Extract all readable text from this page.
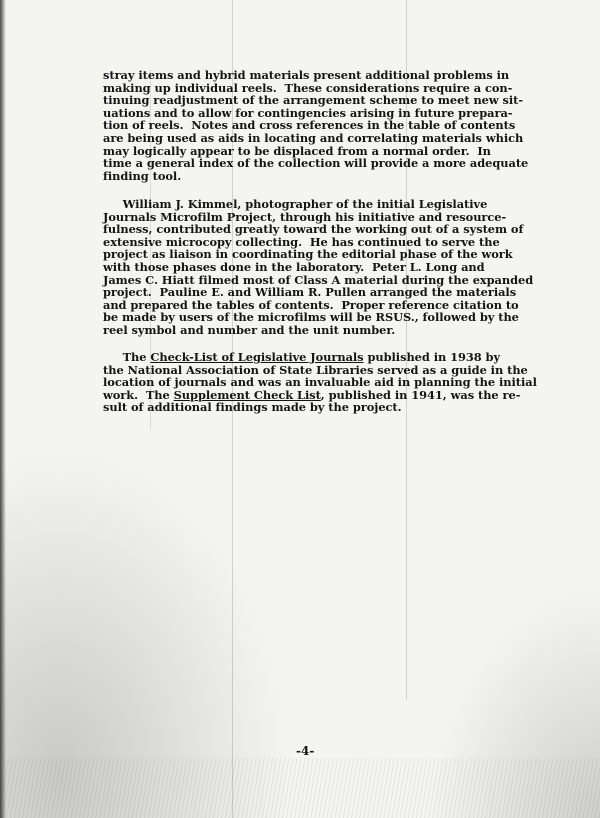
stray items and hybrid materials present additional problems in
making up individual reels.  These considerations require a con-
tinuing readjustment of the arrangement scheme to meet new sit-
uations and to allow for contingencies arising in future prepara-
tion of reels.  Notes and cross references in the table of contents
are being used as aids in locating and correlating materials which
may logically appear to be displaced from a normal order.  In
time a general index of the collection will provide a more adequate
finding tool.

William J. Kimmel, photographer of the initial Legislative
Journals Microfilm Project, through his initiative and resource-
fulness, contributed greatly toward the working out of a system of
extensive microcopy collecting.  He has continued to serve the
project as liaison in coordinating the editorial phase of the work
with those phases done in the laboratory.  Peter L. Long and
James C. Hiatt filmed most of Class A material during the expanded
project.  Pauline E. and William R. Pullen arranged the materials
and prepared the tables of contents.  Proper reference citation to
be made by users of the microfilms will be RSUS., followed by the
reel symbol and number and the unit number.

The Check-List of Legislative Journals published in 1938 by
the National Association of State Libraries served as a guide in the
location of journals and was an invaluable aid in planning the initial
work.  The Supplement Check List, published in 1941, was the re-
sult of additional findings made by the project.

-4-
